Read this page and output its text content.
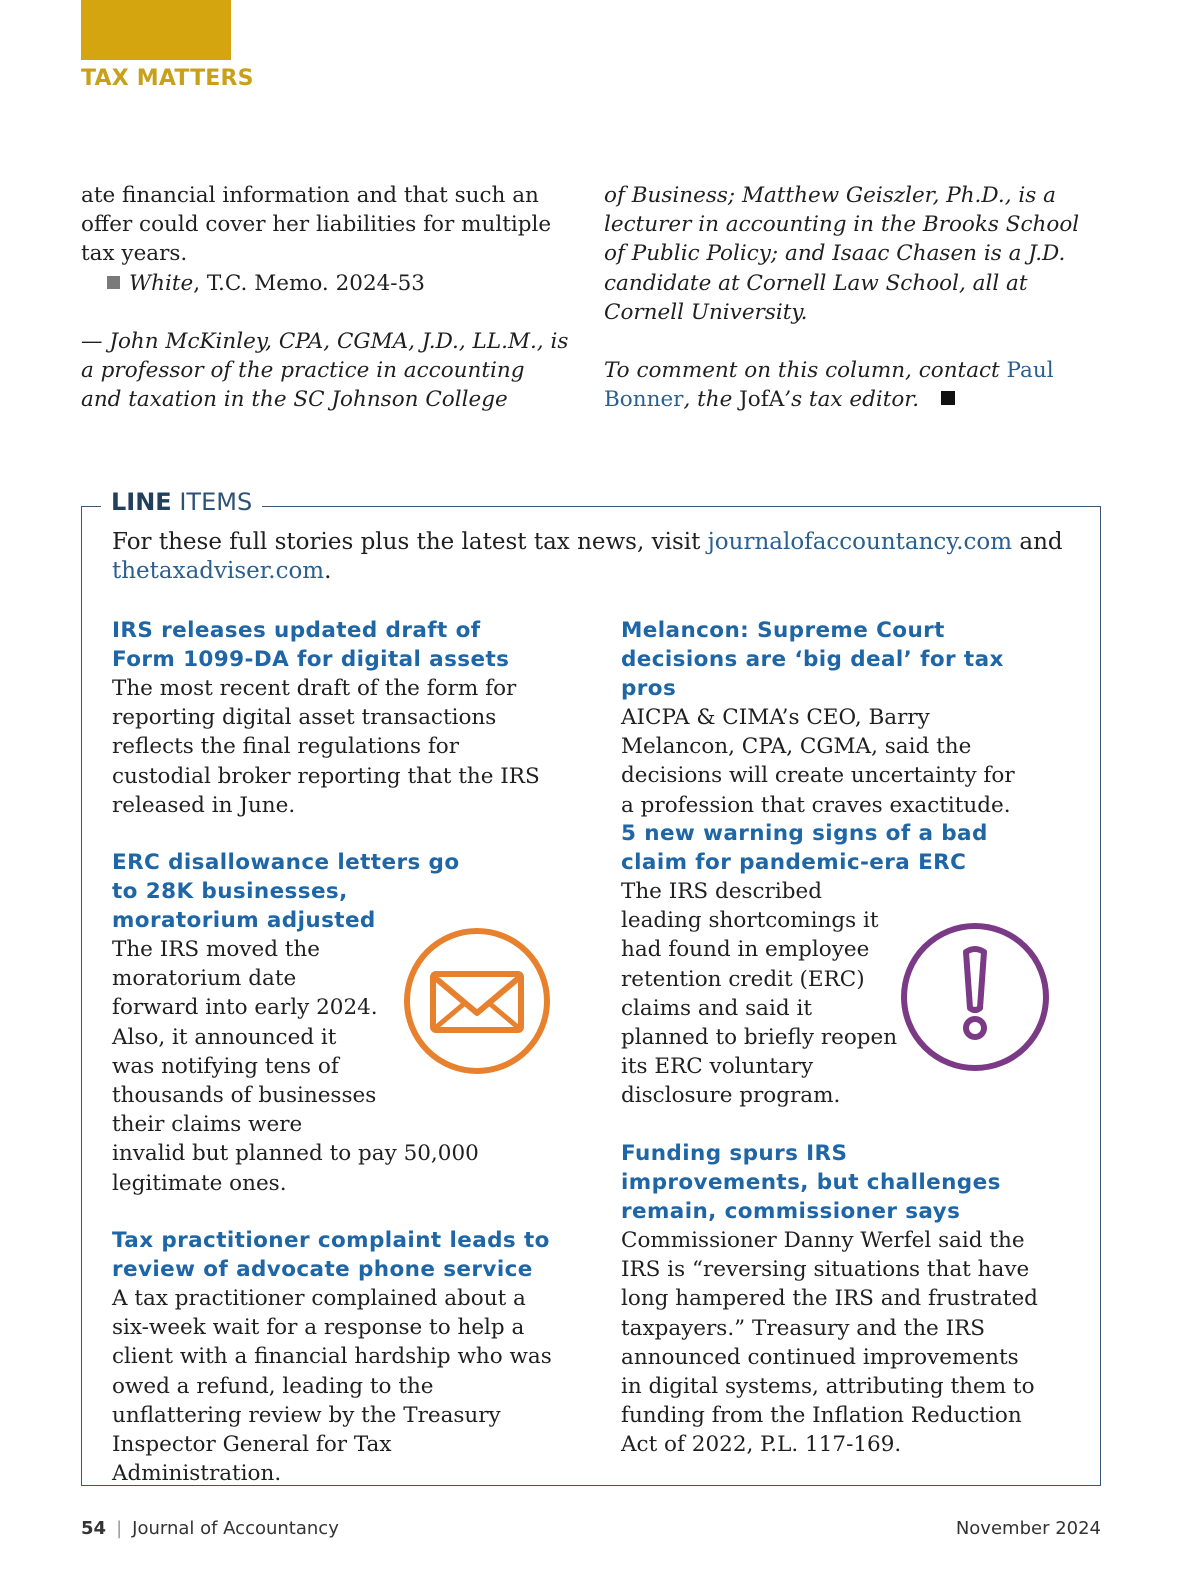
TAX MATTERS

ate financial information and that such an offer could cover her liabilities for multiple tax years.

White, T.C. Memo. 2024-53

— John McKinley, CPA, CGMA, J.D., LL.M., is a professor of the practice in accounting and taxation in the SC Johnson College

of Business; Matthew Geiszler, Ph.D., is a lecturer in accounting in the Brooks School of Public Policy; and Isaac Chasen is a J.D. candidate at Cornell Law School, all at Cornell University.

To comment on this column, contact Paul Bonner, the JofA’s tax editor.

LINE ITEMS
For these full stories plus the latest tax news, visit journalofaccountancy.com and thetaxadviser.com.
IRS releases updated draft of Form 1099-DA for digital assets

The most recent draft of the form for reporting digital asset transactions reflects the final regulations for custodial broker reporting that the IRS released in June.

ERC disallowance letters go to 28K businesses, moratorium adjusted

The IRS moved the
moratorium date
forward into early 2024.
Also, it announced it
was notifying tens of
thousands of businesses
their claims were
invalid but planned to pay 50,000
legitimate ones.

Tax practitioner complaint leads to review of advocate phone service

A tax practitioner complained about a six-week wait for a response to help a client with a financial hardship who was owed a refund, leading to the unflattering review by the Treasury Inspector General for Tax Administration.

Melancon: Supreme Court decisions are ‘big deal’ for tax pros

AICPA & CIMA’s CEO, Barry Melancon, CPA, CGMA, said the decisions will create uncertainty for a profession that craves exactitude.

5 new warning signs of a bad claim for pandemic-era ERC

The IRS described
leading shortcomings it
had found in employee
retention credit (ERC)
claims and said it
planned to briefly reopen
its ERC voluntary
disclosure program.

Funding spurs IRS improvements, but challenges remain, commissioner says

Commissioner Danny Werfel said the IRS is “reversing situations that have long hampered the IRS and frustrated taxpayers.” Treasury and the IRS announced continued improvements in digital systems, attributing them to funding from the Inflation Reduction Act of 2022, P.L. 117-169.

54 | Journal of Accountancy	November 2024
